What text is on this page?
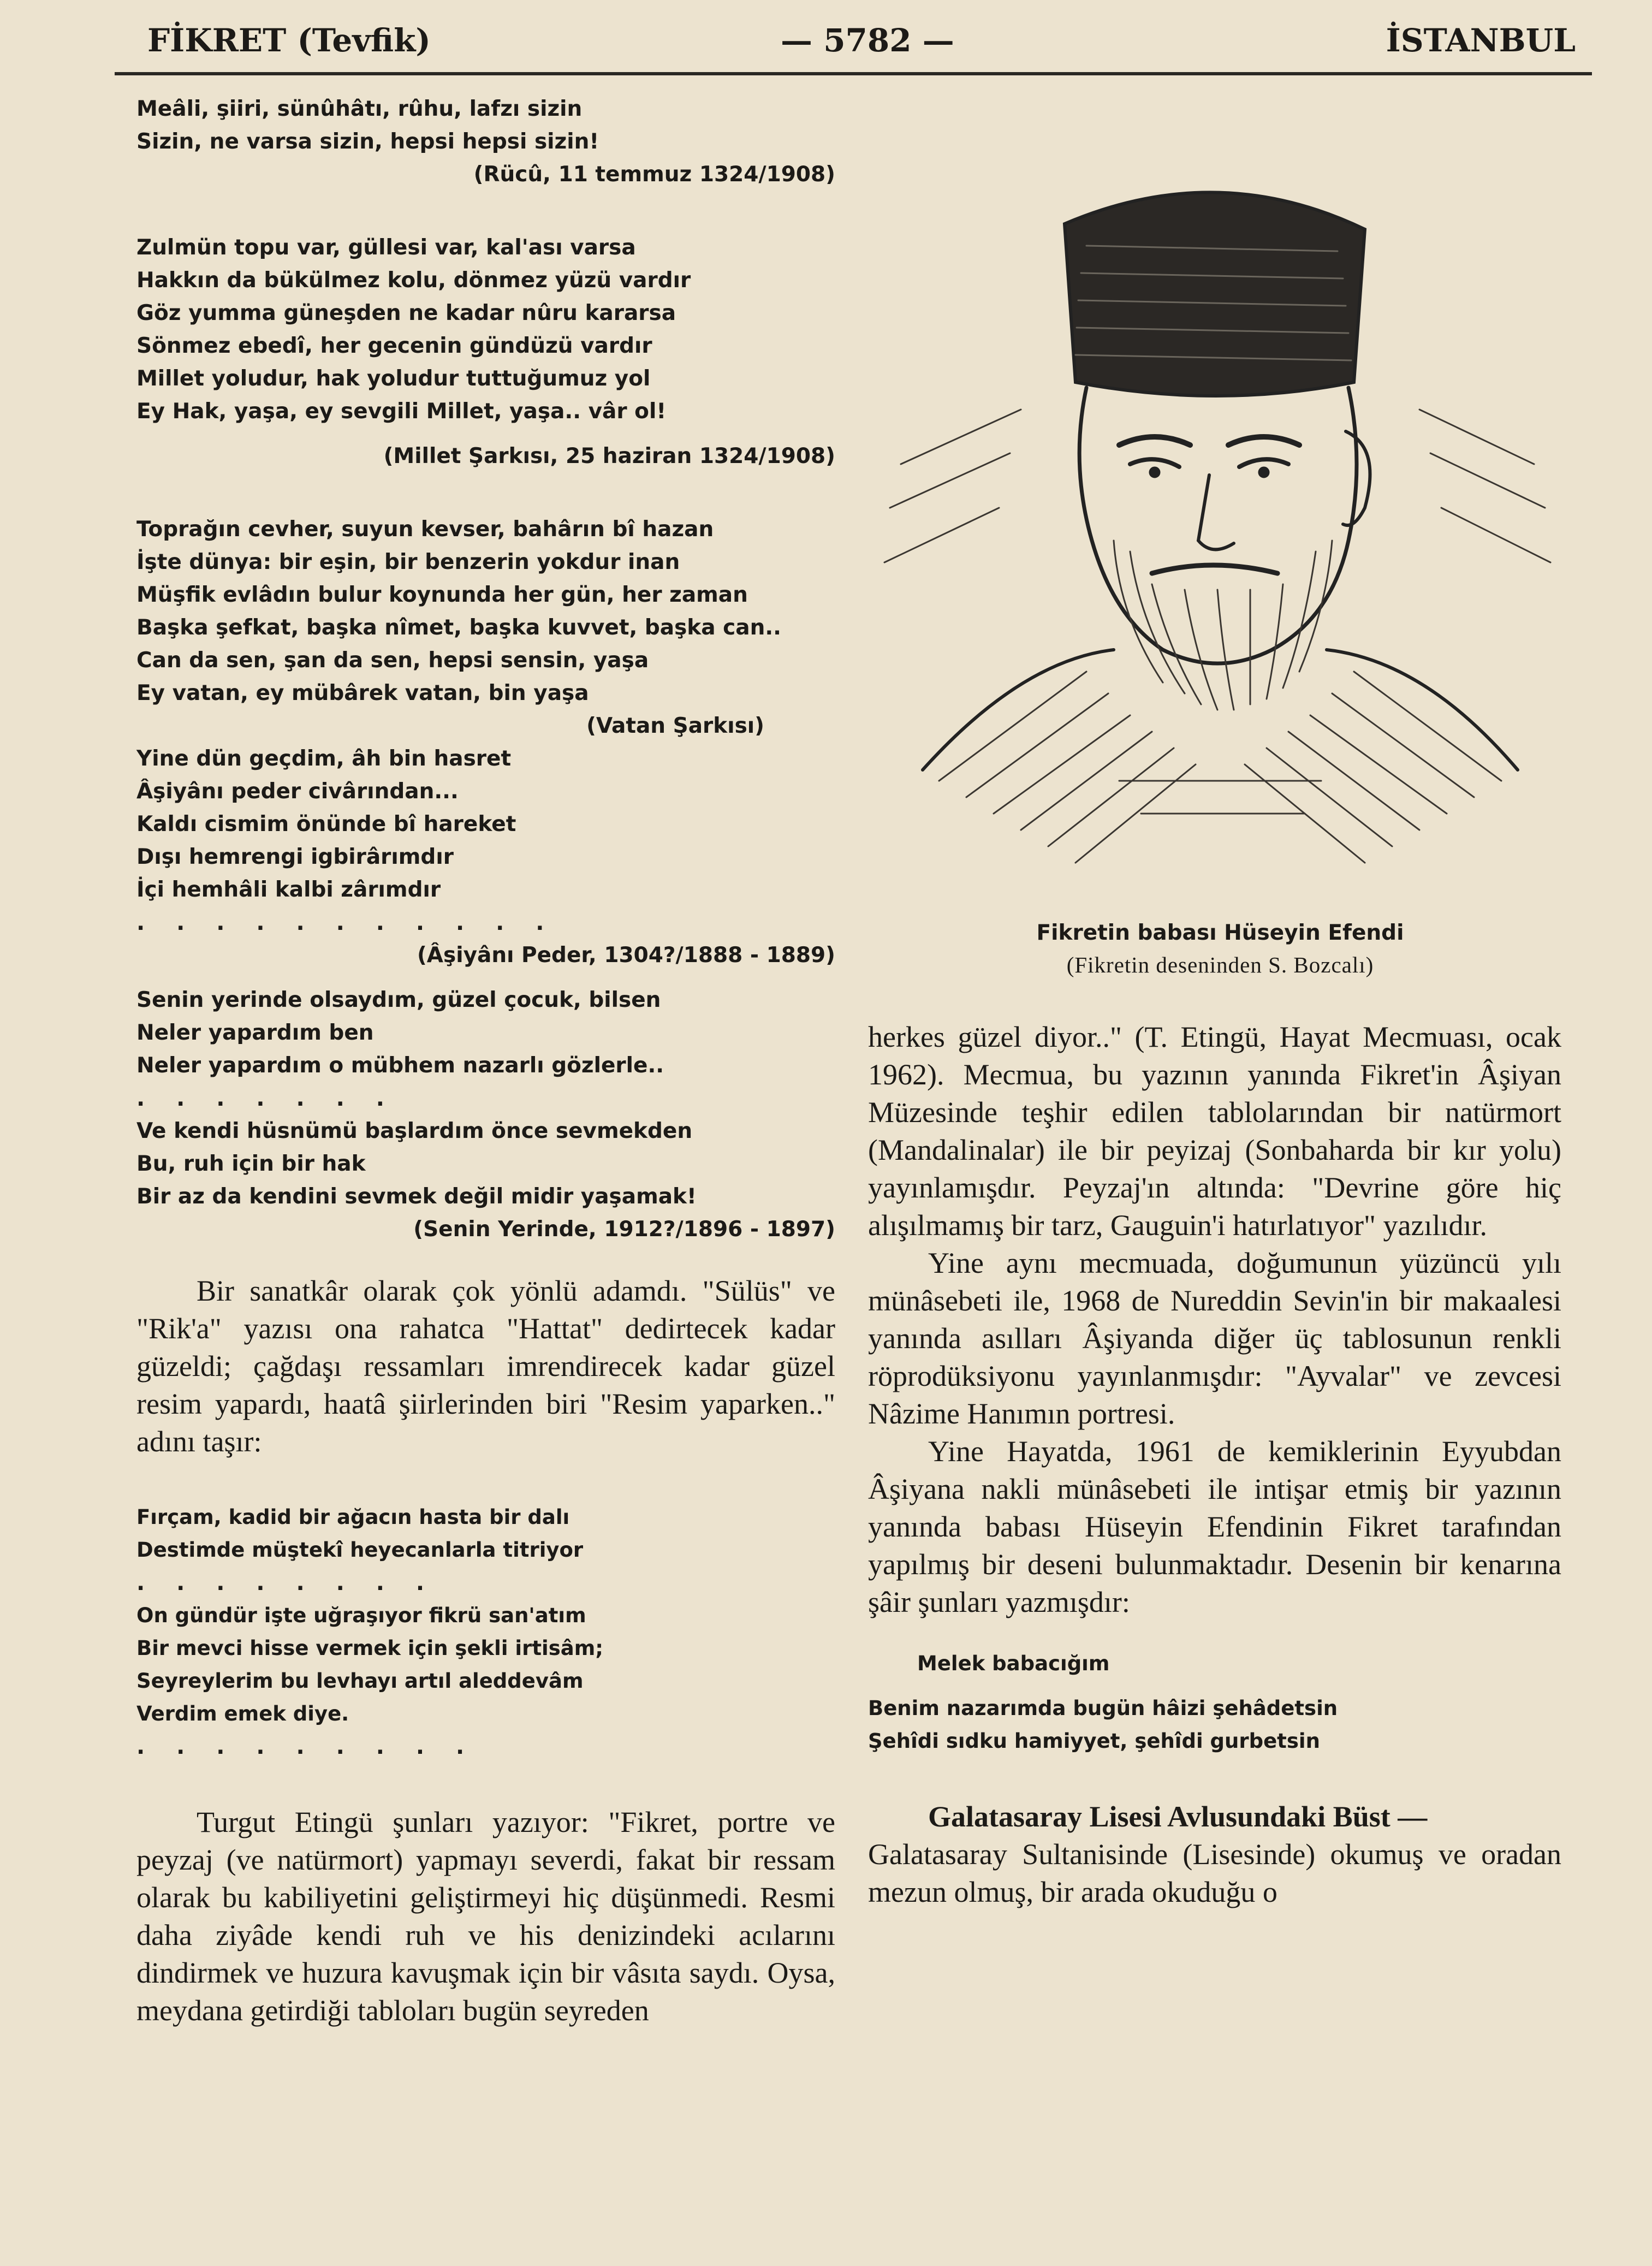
FİKRET (Tevfik)	— 5782 —	İSTANBUL
Meâli, şiiri, sünûhâtı, rûhu, lafzı sizin
Sizin, ne varsa sizin, hepsi hepsi sizin!
(Rücû, 11 temmuz 1324/1908)
Zulmün topu var, güllesi var, kal'ası varsa
Hakkın da bükülmez kolu, dönmez yüzü vardır
Göz yumma güneşden ne kadar nûru kararsa
Sönmez ebedî, her gecenin gündüzü vardır
Millet yoludur, hak yoludur tuttuğumuz yol
Ey Hak, yaşa, ey sevgili Millet, yaşa.. vâr ol!
(Millet Şarkısı, 25 haziran 1324/1908)
Toprağın cevher, suyun kevser, bahârın bî hazan
İşte dünya: bir eşin, bir benzerin yokdur inan
Müşfik evlâdın bulur koynunda her gün, her zaman
Başka şefkat, başka nîmet, başka kuvvet, başka can..
Can da sen, şan da sen, hepsi sensin, yaşa
Ey vatan, ey mübârek vatan, bin yaşa
(Vatan Şarkısı)
Yine dün geçdim, âh bin hasret
Âşiyânı peder civârından...
Kaldı cismim önünde bî hareket
Dışı hemrengi igbirârımdır
İçi hemhâli kalbi zârımdır
. . . . . . . . . . .
(Âşiyânı Peder, 1304?/1888 - 1889)
Senin yerinde olsaydım, güzel çocuk, bilsen
Neler yapardım ben
Neler yapardım o mübhem nazarlı gözlerle..
. . . . . . .
Ve kendi hüsnümü başlardım önce sevmekden
Bu, ruh için bir hak
Bir az da kendini sevmek değil midir yaşamak!
(Senin Yerinde, 1912?/1896 - 1897)

Bir sanatkâr olarak çok yönlü adamdı. "Sülüs" ve "Rik'a" yazısı ona rahatca "Hattat" dedirtecek kadar güzeldi; çağdaşı ressamları imrendirecek kadar güzel resim yapardı, haatâ şiirlerinden biri "Resim yaparken.." adını taşır:

Fırçam, kadid bir ağacın hasta bir dalı
Destimde müştekî heyecanlarla titriyor
. . . . . . . .
On gündür işte uğraşıyor fikrü san'atım
Bir mevci hisse vermek için şekli irtisâm;
Seyreylerim bu levhayı artıl aleddevâm
Verdim emek diye.
. . . . . . . . .

Turgut Etingü şunları yazıyor: "Fikret, portre ve peyzaj (ve natürmort) yapmayı severdi, fakat bir ressam olarak bu kabiliyetini geliştirmeyi hiç düşünmedi. Resmi daha ziyâde kendi ruh ve his denizindeki acılarını dindirmek ve huzura kavuşmak için bir vâsıta saydı. Oysa, meydana getirdiği tabloları bugün seyreden

Fikretin babası Hüseyin Efendi
(Fikretin deseninden S. Bozcalı)

herkes güzel diyor.." (T. Etingü, Hayat Mecmuası, ocak 1962). Mecmua, bu yazının yanında Fikret'in Âşiyan Müzesinde teşhir edilen tablolarından bir natürmort (Mandalinalar) ile bir peyizaj (Sonbaharda bir kır yolu) yayınlamışdır. Peyzaj'ın altında: "Devrine göre hiç alışılmamış bir tarz, Gauguin'i hatırlatıyor" yazılıdır.

Yine aynı mecmuada, doğumunun yüzüncü yılı münâsebeti ile, 1968 de Nureddin Sevin'in bir makaalesi yanında asılları Âşiyanda diğer üç tablosunun renkli röprodüksiyonu yayınlanmışdır: "Ayvalar" ve zevcesi Nâzime Hanımın portresi.

Yine Hayatda, 1961 de kemiklerinin Eyyubdan Âşiyana nakli münâsebeti ile intişar etmiş bir yazının yanında babası Hüseyin Efendinin Fikret tarafından yapılmış bir deseni bulunmaktadır. Desenin bir kenarına şâir şunları yazmışdır:

Melek babacığım
Benim nazarımda bugün hâizi şehâdetsin
Şehîdi sıdku hamiyyet, şehîdi gurbetsin

Galatasaray Lisesi Avlusundaki Büst —

Galatasaray Sultanisinde (Lisesinde) okumuş ve oradan mezun olmuş, bir arada okuduğu o
